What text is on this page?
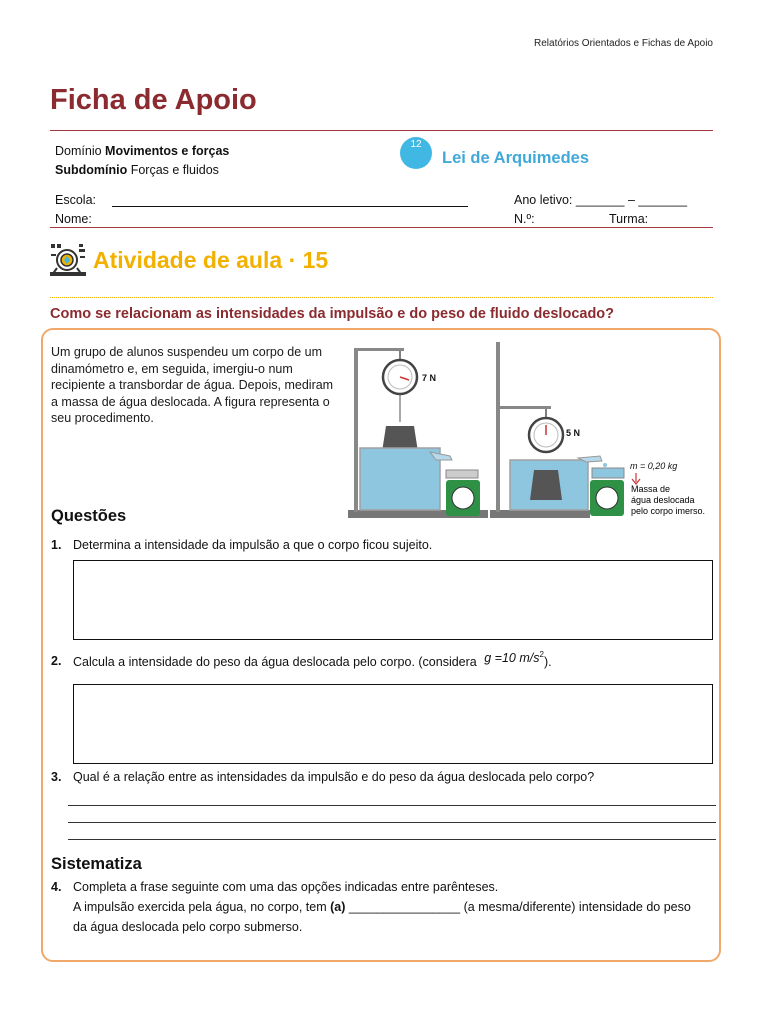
Relatórios Orientados e Fichas de Apoio
Ficha de Apoio
Domínio Movimentos e forças
Subdomínio Forças e fluidos
12
Lei de Arquimedes
Escola:	Ano letivo: _______ – _______
Nome:	N.º:	Turma:
Atividade de aula · 15
Como se relacionam as intensidades da impulsão e do peso de fluido deslocado?
Um grupo de alunos suspendeu um corpo de um dinamómetro e, em seguida, imergiu-o num recipiente a transbordar de água. Depois, mediram a massa de água deslocada. A figura representa o seu procedimento.
7 N
5 N
m = 0,20 kg
Massa de
água deslocada
pelo corpo imerso.
Questões
1. Determina a intensidade da impulsão a que o corpo ficou sujeito.
2. Calcula a intensidade do peso da água deslocada pelo corpo. (considera g =10 $m/s^2$).
3. Qual é a relação entre as intensidades da impulsão e do peso da água deslocada pelo corpo?
Sistematiza
4. Completa a frase seguinte com uma das opções indicadas entre parênteses.
A impulsão exercida pela água, no corpo, tem (a) ________________ (a mesma/diferente) intensidade do peso
da água deslocada pelo corpo submerso.
